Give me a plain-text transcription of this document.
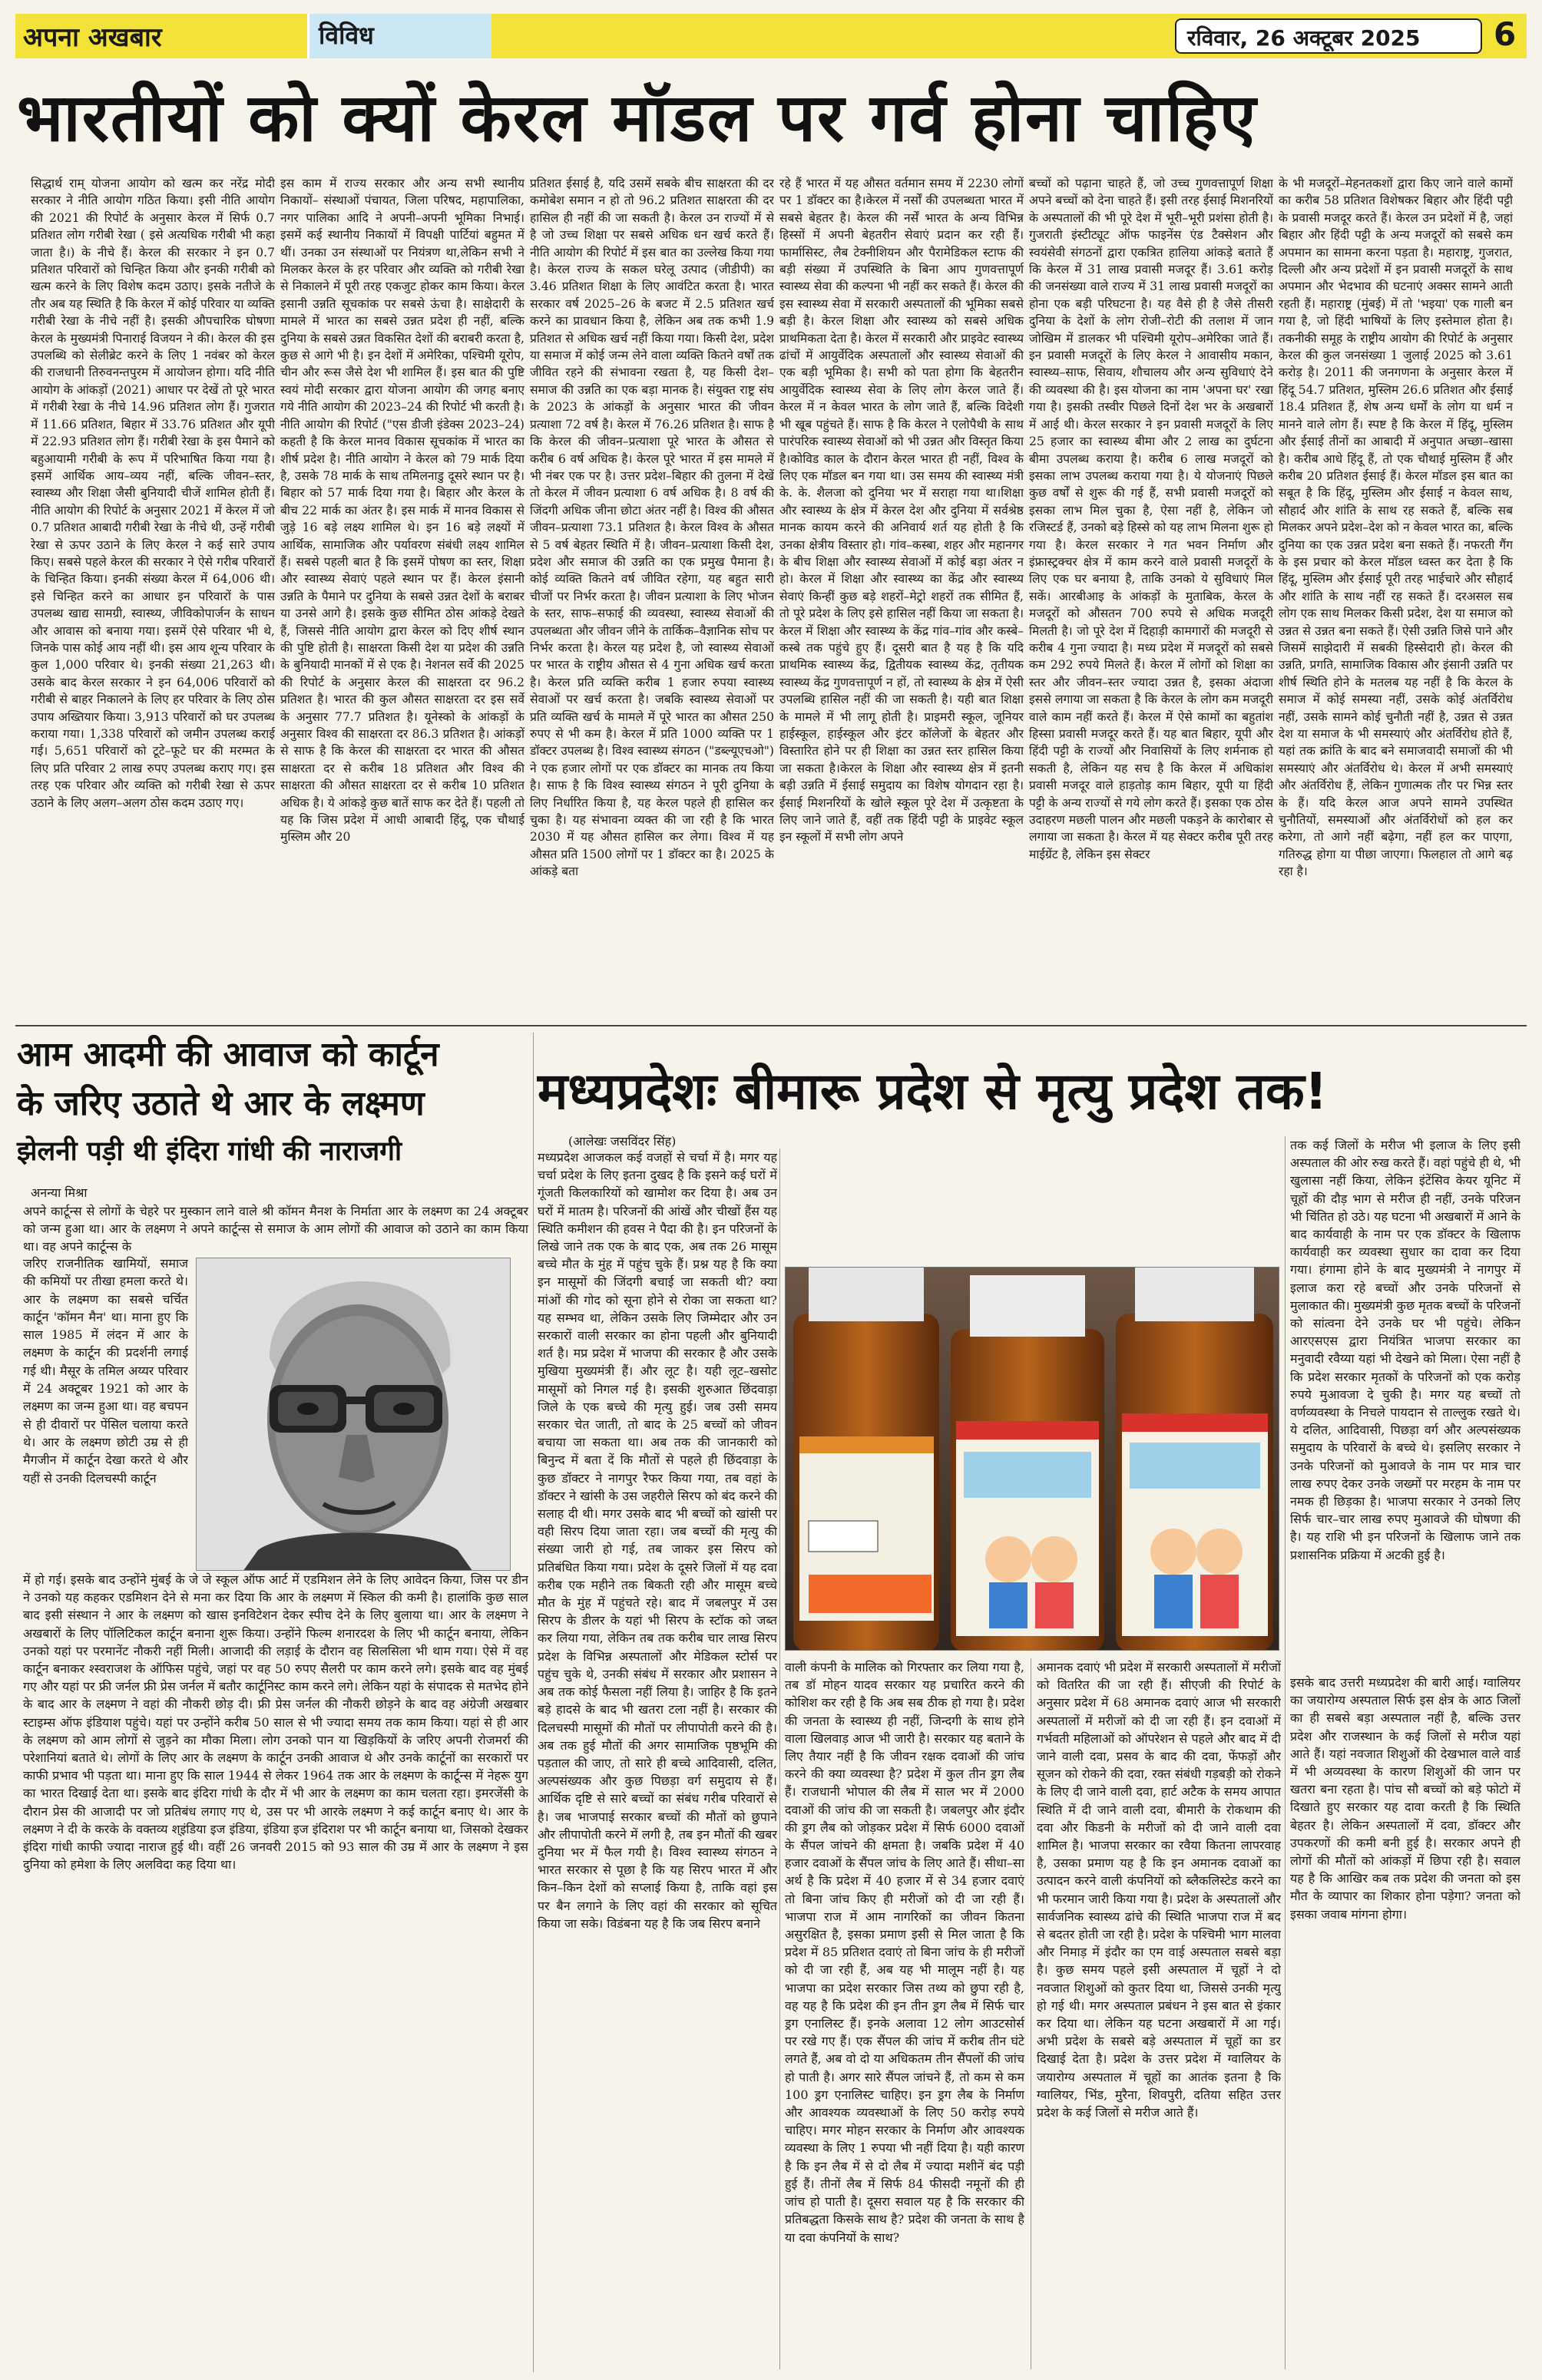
अपना अखबार	विविध	रविवार, 26 अक्टूबर 2025 6
भारतीयों को क्यों केरल मॉडल पर गर्व होना चाहिए
सिद्धार्थ राम् योजना आयोग को खत्म कर नरेंद्र मोदी सरकार ने नीति आयोग गठित किया। इसी नीति आयोग की 2021 की रिपोर्ट के अनुसार केरल में सिर्फ 0.7 प्रतिशत लोग गरीबी रेखा ( इसे अत्यधिक गरीबी भी कहा जाता है।) के नीचे हैं। केरल की सरकार ने इन 0.7 प्रतिशत परिवारों को चिन्हित किया और इनकी गरीबी को खत्म करने के लिए विशेष कदम उठाए। इसके नतीजे के तौर अब यह स्थिति है कि केरल में कोई परिवार या व्यक्ति गरीबी रेखा के नीचे नहीं है। इसकी औपचारिक घोषणा केरल के मुख्यमंत्री पिनाराई विजयन ने की। केरल की इस उपलब्धि को सेलीब्रेट करने के लिए 1 नवंबर को केरल की राजधानी तिरुवनन्तपुरम में आयोजन होगा। यदि नीति आयोग के आंकड़ों (2021) आधार पर देखें तो पूरे भारत में गरीबी रेखा के नीचे 14.96 प्रतिशत लोग हैं। गुजरात में 11.66 प्रतिशत, बिहार में 33.76 प्रतिशत और यूपी में 22.93 प्रतिशत लोग हैं। गरीबी रेखा के इस पैमाने को बहुआयामी गरीबी के रूप में परिभाषित किया गया है। इसमें आर्थिक आय–व्यय नहीं, बल्कि जीवन–स्तर, स्वास्थ्य और शिक्षा जैसी बुनियादी चीजें शामिल होती हैं। नीति आयोग की रिपोर्ट के अनुसार 2021 में केरल में जो 0.7 प्रतिशत आबादी गरीबी रेखा के नीचे थी, उन्हें गरीबी रेखा से ऊपर उठाने के लिए केरल ने कई सारे उपाय किए। सबसे पहले केरल की सरकार ने ऐसे गरीब परिवारों के चिन्हित किया। इनकी संख्या केरल में 64,006 थी। इसे चिन्हित करने का आधार इन परिवारों के पास उपलब्ध खाद्य सामग्री, स्वास्थ्य, जीविकोपार्जन के साधन और आवास को बनाया गया। इसमें ऐसे परिवार भी थे, जिनके पास कोई आय नहीं थी। इस आय शून्य परिवार के कुल 1,000 परिवार थे। इनकी संख्या 21,263 थी। उसके बाद केरल सरकार ने इन 64,006 परिवारों को गरीबी से बाहर निकालने के लिए हर परिवार के लिए ठोस उपाय अख्तियार किया। 3,913 परिवारों को घर उपलब्ध कराया गया। 1,338 परिवारों को जमीन उपलब्ध कराई गई। 5,651 परिवारों को टूटे–फूटे घर की मरम्मत के लिए प्रति परिवार 2 लाख रुपए उपलब्ध कराए गए। इस तरह एक परिवार और व्यक्ति को गरीबी रेखा से ऊपर उठाने के लिए अलग–अलग ठोस कदम उठाए गए।
इस काम में राज्य सरकार और अन्य सभी स्थानीय निकायों– संस्थाओं पंचायत, जिला परिषद, महापालिका, नगर पालिका आदि ने अपनी–अपनी भूमिका निभाई। इसमें कई स्थानीय निकायों में विपक्षी पार्टियां बहुमत में थीं। उनका उन संस्थाओं पर नियंत्रण था,लेकिन सभी ने मिलकर केरल के हर परिवार और व्यक्ति को गरीबी रेखा से निकालने में पूरी तरह एकजुट होकर काम किया। केरल इसानी उन्नति सूचकांक पर सबसे ऊंचा है। साक्षेदारी के मामले में भारत का सबसे उन्नत प्रदेश ही नहीं, बल्कि दुनिया के सबसे उन्नत विकसित देशों की बराबरी करता है, कुछ से आगे भी है। इन देशों में अमेरिका, पश्चिमी यूरोप, चीन और रूस जैसे देश भी शामिल हैं। इस बात की पुष्टि स्वयं मोदी सरकार द्वारा योजना आयोग की जगह बनाए गये नीति आयोग की 2023–24 की रिपोर्ट भी करती है। नीति आयोग की रिपोर्ट ("एस डीजी इंडेक्स 2023–24) कहती है कि केरल मानव विकास सूचकांक में भारत का शीर्ष प्रदेश है। नीति आयोग ने केरल को 79 मार्क दिया है, उसके 78 मार्क के साथ तमिलनाडु दूसरे स्थान पर है। बिहार को 57 मार्क दिया गया है। बिहार और केरल के बीच 22 मार्क का अंतर है। इस मार्क में मानव विकास से जुड़े 16 बड़े लक्ष्य शामिल थे। इन 16 बड़े लक्ष्यों में आर्थिक, सामाजिक और पर्यावरण संबंधी लक्ष्य शामिल हैं। सबसे पहली बात है कि इसमें पोषण का स्तर, शिक्षा और स्वास्थ्य सेवाएं पहले स्थान पर हैं। केरल इंसानी उन्नति के पैमाने पर दुनिया के सबसे उन्नत देशों के बराबर या उनसे आगे है। इसके कुछ सीमित ठोस आंकड़े देखते हैं, जिससे नीति आयोग द्वारा केरल को दिए शीर्ष स्थान की पुष्टि होती है। साक्षरता किसी देश या प्रदेश की उन्नति के बुनियादी मानकों में से एक है। नेशनल सर्वे की 2025 की रिपोर्ट के अनुसार केरल की साक्षरता दर 96.2 प्रतिशत है। भारत की कुल औसत साक्षरता दर इस सर्वे के अनुसार 77.7 प्रतिशत है। यूनेस्को के आंकड़ों के अनुसार विश्व की साक्षरता दर 86.3 प्रतिशत है। आंकड़ों से साफ है कि केरल की साक्षरता दर भारत की औसत साक्षरता दर से करीब 18 प्रतिशत और विश्व की साक्षरता की औसत साक्षरता दर से करीब 10 प्रतिशत अधिक है। ये आंकड़े कुछ बातें साफ कर देते हैं। पहली तो यह कि जिस प्रदेश में आधी आबादी हिंदू, एक चौथाई मुस्लिम और 20
प्रतिशत ईसाई है, यदि उसमें सबके बीच साक्षरता की दर कमोबेश समान न हो तो 96.2 प्रतिशत साक्षरता की दर हासिल ही नहीं की जा सकती है। केरल उन राज्यों में से है जो उच्च शिक्षा पर सबसे अधिक धन खर्च करते हैं। नीति आयोग की रिपोर्ट में इस बात का उल्लेख किया गया है। केरल राज्य के सकल घरेलू उत्पाद (जीडीपी) का 3.46 प्रतिशत शिक्षा के लिए आवंटित करता है। भारत सरकार वर्ष 2025–26 के बजट में 2.5 प्रतिशत खर्च करने का प्रावधान किया है, लेकिन अब तक कभी 1.9 प्रतिशत से अधिक खर्च नहीं किया गया। किसी देश, प्रदेश या समाज में कोई जन्म लेने वाला व्यक्ति कितने वर्षों तक जीवित रहने की संभावना रखता है, यह किसी देश–समाज की उन्नति का एक बड़ा मानक है। संयुक्त राष्ट्र संघ के 2023 के आंकड़ों के अनुसार भारत की जीवन प्रत्याशा 72 वर्ष है। केरल में 76.26 प्रतिशत है। साफ है कि केरल की जीवन–प्रत्याशा पूरे भारत के औसत से करीब 6 वर्ष अधिक है। केरल पूरे भारत में इस मामले में भी नंबर एक पर है। उत्तर प्रदेश–बिहार की तुलना में देखें तो केरल में जीवन प्रत्याशा 6 वर्ष अधिक है। 8 वर्ष की जिंदगी अधिक जीना छोटा अंतर नहीं है। विश्व की औसत जीवन–प्रत्याशा 73.1 प्रतिशत है। केरल विश्व के औसत से 5 वर्ष बेहतर स्थिति में है। जीवन–प्रत्याशा किसी देश, प्रदेश और समाज की उन्नति का एक प्रमुख पैमाना है। कोई व्यक्ति कितने वर्ष जीवित रहेगा, यह बहुत सारी चीजों पर निर्भर करता है। जीवन प्रत्याशा के लिए भोजन के स्तर, साफ–सफाई की व्यवस्था, स्वास्थ्य सेवाओं की उपलब्धता और जीवन जीने के तार्किक–वैज्ञानिक सोच पर निर्भर करता है। केरल यह प्रदेश है, जो स्वास्थ्य सेवाओं पर भारत के राष्ट्रीय औसत से 4 गुना अधिक खर्च करता है। केरल प्रति व्यक्ति करीब 1 हजार रुपया स्वास्थ्य सेवाओं पर खर्च करता है। जबकि स्वास्थ्य सेवाओं पर प्रति व्यक्ति खर्च के मामले में पूरे भारत का औसत 250 रुपए से भी कम है। केरल में प्रति 1000 व्यक्ति पर 1 डॉक्टर उपलब्ध है। विश्व स्वास्थ्य संगठन ("डब्ल्यूएचओ") ने एक हजार लोगों पर एक डॉक्टर का मानक तय किया है। साफ है कि विश्व स्वास्थ्य संगठन ने पूरी दुनिया के लिए निर्धारित किया है, यह केरल पहले ही हासिल कर चुका है। यह संभावना व्यक्त की जा रही है कि भारत 2030 में यह औसत हासिल कर लेगा। विश्व में यह औसत प्रति 1500 लोगों पर 1 डॉक्टर का है। 2025 के आंकड़े बता
रहे हैं भारत में यह औसत वर्तमान समय में 2230 लोगों पर 1 डॉक्टर का है।केरल में नर्सों की उपलब्धता भारत में सबसे बेहतर है। केरल की नर्सें भारत के अन्य विभिन्न हिस्सों में अपनी बेहतरीन सेवाएं प्रदान कर रही हैं। फार्मासिस्ट, लैब टेक्नीशियन और पैरामेडिकल स्टाफ की बड़ी संख्या में उपस्थिति के बिना आप गुणवत्तापूर्ण स्वास्थ्य सेवा की कल्पना भी नहीं कर सकते हैं। केरल की इस स्वास्थ्य सेवा में सरकारी अस्पतालों की भूमिका सबसे बड़ी है। केरल शिक्षा और स्वास्थ्य को सबसे अधिक प्राथमिकता देता है। केरल में सरकारी और प्राइवेट स्वास्थ्य ढांचों में आयुर्वेदिक अस्पतालों और स्वास्थ्य सेवाओं की एक बड़ी भूमिका है। सभी को पता होगा कि बेहतरीन आयुर्वेदिक स्वास्थ्य सेवा के लिए लोग केरल जाते हैं। केरल में न केवल भारत के लोग जाते हैं, बल्कि विदेशी भी खूब पहुंचते हैं। साफ है कि केरल ने एलोपैथी के साथ पारंपरिक स्वास्थ्य सेवाओं को भी उन्नत और विस्तृत किया है।कोविड काल के दौरान केरल भारत ही नहीं, विश्व के लिए एक मॉडल बन गया था। उस समय की स्वास्थ्य मंत्री के. के. शैलजा को दुनिया भर में सराहा गया था।शिक्षा और स्वास्थ्य के क्षेत्र में केरल देश और दुनिया में सर्वश्रेष्ठ मानक कायम करने की अनिवार्य शर्त यह होती है कि उनका क्षेत्रीय विस्तार हो। गांव–कस्बा, शहर और महानगर के बीच शिक्षा और स्वास्थ्य सेवाओं में कोई बड़ा अंतर न हो। केरल में शिक्षा और स्वास्थ्य का केंद्र और स्वास्थ्य सेवाएं किन्हीं कुछ बड़े शहरों–मेट्रो शहरों तक सीमित हैं, तो पूरे प्रदेश के लिए इसे हासिल नहीं किया जा सकता है। केरल में शिक्षा और स्वास्थ्य के केंद्र गांव–गांव और कस्बे–कस्बे तक पहुंचे हुए हैं। दूसरी बात है यह है कि यदि प्राथमिक स्वास्थ्य केंद्र, द्वितीयक स्वास्थ्य केंद्र, तृतीयक स्वास्थ्य केंद्र गुणवत्तापूर्ण न हों, तो स्वास्थ्य के क्षेत्र में ऐसी उपलब्धि हासिल नहीं की जा सकती है। यही बात शिक्षा के मामले में भी लागू होती है। प्राइमरी स्कूल, जूनियर हाईस्कूल, हाईस्कूल और इंटर कॉलेजों के बेहतर और विस्तारित होने पर ही शिक्षा का उन्नत स्तर हासिल किया जा सकता है।केरल के शिक्षा और स्वास्थ्य क्षेत्र में इतनी बड़ी उन्नति में ईसाई समुदाय का विशेष योगदान रहा है। ईसाई मिशनरियों के खोले स्कूल पूरे देश में उत्कृष्टता के लिए जाने जाते हैं, वहीं तक हिंदी पट्टी के प्राइवेट स्कूल इन स्कूलों में सभी लोग अपने
बच्चों को पढ़ाना चाहते हैं, जो उच्च गुणवत्तापूर्ण शिक्षा अपने बच्चों को देना चाहते हैं। इसी तरह ईसाई मिशनरियों के अस्पतालों की भी पूरे देश में भूरी–भूरी प्रशंसा होती है।गुजराती इंस्टीट्यूट ऑफ फाइनेंस एंड टैक्सेशन और स्वयंसेवी संगठनों द्वारा एकत्रित हालिया आंकड़े बताते हैं कि केरल में 31 लाख प्रवासी मजदूर हैं। 3.61 करोड़ की जनसंख्या वाले राज्य में 31 लाख प्रवासी मजदूरों का होना एक बड़ी परिघटना है। यह वैसे ही है जैसे तीसरी दुनिया के देशों के लोग रोजी–रोटी की तलाश में जान जोखिम में डालकर भी पश्चिमी यूरोप–अमेरिका जाते हैं।इन प्रवासी मजदूरों के लिए केरल ने आवासीय मकान, स्वास्थ्य–साफ, सिवाय, शौचालय और अन्य सुविधाएं देने की व्यवस्था की है। इस योजना का नाम 'अपना घर' रखा गया है। इसकी तस्वीर पिछले दिनों देश भर के अखबारों में आई थी। केरल सरकार ने इन प्रवासी मजदूरों के लिए 25 हजार का स्वास्थ्य बीमा और 2 लाख का दुर्घटना बीमा उपलब्ध कराया है। करीब 6 लाख मजदूरों को इसका लाभ उपलब्ध कराया गया है। ये योजनाएं पिछले कुछ वर्षों से शुरू की गई हैं, सभी प्रवासी मजदूरों को इसका लाभ मिल चुका है, ऐसा नहीं है, लेकिन जो रजिस्टर्ड हैं, उनको बड़े हिस्से को यह लाभ मिलना शुरू हो गया है। केरल सरकार ने गत भवन निर्माण और इंफ्रास्ट्रक्चर क्षेत्र में काम करने वाले प्रवासी मजदूरों के लिए एक घर बनाया है, ताकि उनको ये सुविधाएं मिल सकें। आरबीआइ के आंकड़ों के मुताबिक, केरल के मजदूरों को औसतन 700 रुपये से अधिक मजदूरी मिलती है। जो पूरे देश में दिहाड़ी कामगारों की मजदूरी से करीब 4 गुना ज्यादा है। मध्य प्रदेश में मजदूरों को सबसे कम 292 रुपये मिलते हैं। केरल में लोगों को शिक्षा का स्तर और जीवन–स्तर ज्यादा उन्नत है, इसका अंदाजा इससे लगाया जा सकता है कि केरल के लोग कम मजदूरी वाले काम नहीं करते हैं। केरल में ऐसे कामों का बहुतांश हिस्सा प्रवासी मजदूर करते हैं। यह बात बिहार, यूपी और हिंदी पट्टी के राज्यों और निवासियों के लिए शर्मनाक हो सकती है, लेकिन यह सच है कि केरल में अधिकांश प्रवासी मजदूर वाले हाड़तोड़ काम बिहार, यूपी या हिंदी पट्टी के अन्य राज्यों से गये लोग करते हैं। इसका एक ठोस उदाहरण मछली पालन और मछली पकड़ने के कारोबार से लगाया जा सकता है। केरल में यह सेक्टर करीब पूरी तरह माईग्रेंट है, लेकिन इस सेक्टर
के भी मजदूरों–मेहनतकशों द्वारा किए जाने वाले कामों का करीब 58 प्रतिशत विशेषकर बिहार और हिंदी पट्टी के प्रवासी मजदूर करते हैं। केरल उन प्रदेशों में है, जहां बिहार और हिंदी पट्टी के अन्य मजदूरों को सबसे कम अपमान का सामना करना पड़ता है। महाराष्ट्र, गुजरात, दिल्ली और अन्य प्रदेशों में इन प्रवासी मजदूरों के साथ अपमान और भेदभाव की घटनाएं अक्सर सामने आती रहती हैं। महाराष्ट्र (मुंबई) में तो 'भइया' एक गाली बन गया है, जो हिंदी भाषियों के लिए इस्तेमाल होता है। तकनीकी समूह के राष्ट्रीय आयोग की रिपोर्ट के अनुसार केरल की कुल जनसंख्या 1 जुलाई 2025 को 3.61 करोड़ है। 2011 की जनगणना के अनुसार केरल में हिंदू 54.7 प्रतिशत, मुस्लिम 26.6 प्रतिशत और ईसाई 18.4 प्रतिशत हैं, शेष अन्य धर्मों के लोग या धर्म न मानने वाले लोग हैं। स्पष्ट है कि केरल में हिंदू, मुस्लिम और ईसाई तीनों का आबादी में अनुपात अच्छा–खासा है। करीब आधे हिंदू हैं, तो एक चौथाई मुस्लिम हैं और करीब 20 प्रतिशत ईसाई हैं। केरल मॉडल इस बात का सबूत है कि हिंदू, मुस्लिम और ईसाई न केवल साथ, सौहार्द और शांति के साथ रह सकते हैं, बल्कि सब मिलकर अपने प्रदेश–देश को न केवल भारत का, बल्कि दुनिया का एक उन्नत प्रदेश बना सकते हैं। नफरती गैंग के इस प्रचार को केरल मॉडल ध्वस्त कर देता है कि हिंदू, मुस्लिम और ईसाई पूरी तरह भाईचारे और सौहार्द और शांति के साथ नहीं रह सकते हैं। दरअसल सब लोग एक साथ मिलकर किसी प्रदेश, देश या समाज को उन्नत से उन्नत बना सकते हैं। ऐसी उन्नति जिसे पाने और जिसमें साझेदारी में सबकी हिस्सेदारी हो। केरल की उन्नति, प्रगति, सामाजिक विकास और इंसानी उन्नति पर शीर्ष स्थिति होने के मतलब यह नहीं है कि केरल के समाज में कोई समस्या नहीं, उसके कोई अंतर्विरोध नहीं, उसके सामने कोई चुनौती नहीं है, उन्नत से उन्नत देश या समाज के भी समस्याएं और अंतर्विरोध होते हैं, यहां तक क्रांति के बाद बने समाजवादी समाजों की भी समस्याएं और अंतर्विरोध थे। केरल में अभी समस्याएं और अंतर्विरोध हैं, लेकिन गुणात्मक तौर पर भिन्न स्तर के हैं। यदि केरल आज अपने सामने उपस्थित चुनौतियों, समस्याओं और अंतर्विरोधों को हल कर करेगा, तो आगे नहीं बढ़ेगा, नहीं हल कर पाएगा, गतिरुद्ध होगा या पीछा जाएगा। फिलहाल तो आगे बढ़ रहा है।
आम आदमी की आवाज को कार्टून
के जरिए उठाते थे आर के लक्ष्मण
झेलनी पड़ी थी इंदिरा गांधी की नाराजगी
अनन्या मिश्रा
अपने कार्टून्स से लोगों के चेहरे पर मुस्कान लाने वाले श्री कॉमन मैनश के निर्माता आर के लक्ष्मण का 24 अक्टूबर को जन्म हुआ था। आर के लक्ष्मण ने अपने कार्टून्स से समाज के आम लोगों की आवाज को उठाने का काम किया था। वह अपने कार्टून्स के
जरिए राजनीतिक खामियों, समाज की कमियों पर तीखा हमला करते थे। आर के लक्ष्मण का सबसे चर्चित कार्टून 'कॉमन मैन' था। माना हुए कि साल 1985 में लंदन में आर के लक्ष्मण के कार्टून की प्रदर्शनी लगाई गई थी। मैसूर के तमिल अय्यर परिवार में 24 अक्टूबर 1921 को आर के लक्ष्मण का जन्म हुआ था। वह बचपन से ही दीवारों पर पेंसिल चलाया करते थे। आर के लक्ष्मण छोटी उम्र से ही मैगजीन में कार्टून देखा करते थे और यहीं से उनकी दिलचस्पी कार्टून
में हो गई। इसके बाद उन्होंने मुंबई के जे जे स्कूल ऑफ आर्ट में एडमिशन लेने के लिए आवेदन किया, जिस पर डीन ने उनको यह कहकर एडमिशन देने से मना कर दिया कि आर के लक्ष्मण में स्किल की कमी है। हालांकि कुछ साल बाद इसी संस्थान ने आर के लक्ष्मण को खास इनविटेशन देकर स्पीच देने के लिए बुलाया था। आर के लक्ष्मण ने अखबारों के लिए पॉलिटिकल कार्टून बनाना शुरू किया। उन्होंने फिल्म शनारदश के लिए भी कार्टून बनाया, लेकिन उनको यहां पर परमानेंट नौकरी नहीं मिली। आजादी की लड़ाई के दौरान वह सिलसिला भी थाम गया। ऐसे में वह कार्टून बनाकर श्स्वराजश के ऑफिस पहुंचे, जहां पर वह 50 रुपए सैलरी पर काम करने लगे। इसके बाद वह मुंबई गए और यहां पर फ्री जर्नल फ्री प्रेस जर्नल में बतौर कार्टूनिस्ट काम करने लगे। लेकिन यहां के संपादक से मतभेद होने के बाद आर के लक्ष्मण ने वहां की नौकरी छोड़ दी। फ्री प्रेस जर्नल की नौकरी छोड़ने के बाद वह अंग्रेजी अखबार स्टाइम्स ऑफ इंडियाश पहुंचे। यहां पर उन्होंने करीब 50 साल से भी ज्यादा समय तक काम किया। यहां से ही आर के लक्ष्मण को आम लोगों से जुड़ने का मौका मिला। लोग उनको पान या खिड़कियों के जरिए अपनी रोजमर्रा की परेशानियां बताते थे। लोगों के लिए आर के लक्ष्मण के कार्टून उनकी आवाज थे और उनके कार्टूनों का सरकारों पर काफी प्रभाव भी पड़ता था। माना हुए कि साल 1944 से लेकर 1964 तक आर के लक्ष्मण के कार्टून्स में नेहरू युग का भारत दिखाई देता था। इसके बाद इंदिरा गांधी के दौर में भी आर के लक्ष्मण का काम चलता रहा। इमरजेंसी के दौरान प्रेस की आजादी पर जो प्रतिबंध लगाए गए थे, उस पर भी आरके लक्ष्मण ने कई कार्टून बनाए थे। आर के लक्ष्मण ने दी के करके के वक्तव्य श्इंडिया इज इंडिया, इंडिया इज इंदिराश पर भी कार्टून बनाया था, जिसको देखकर इंदिरा गांधी काफी ज्यादा नाराज हुई थी। वहीं 26 जनवरी 2015 को 93 साल की उम्र में आर के लक्ष्मण ने इस दुनिया को हमेशा के लिए अलविदा कह दिया था।
मध्यप्रदेशः बीमारू प्रदेश से मृत्यु प्रदेश तक!
(आलेखः जसविंदर सिंह)
मध्यप्रदेश आजकल कई वजहों से चर्चा में है। मगर यह चर्चा प्रदेश के लिए इतना दुखद है कि इसने कई घरों में गूंजती किलकारियों को खामोश कर दिया है। अब उन घरों में मातम है। परिजनों की आंखें और चीखों हैंस यह स्थिति कमीशन की हवस ने पैदा की है। इन परिजनों के लिखे जाने तक एक के बाद एक, अब तक 26 मासूम बच्चे मौत के मुंह में पहुंच चुके हैं। प्रश्न यह है कि क्या इन मासूमों की जिंदगी बचाई जा सकती थी? क्या मांओं की गोद को सूना होने से रोका जा सकता था? यह सम्भव था, लेकिन उसके लिए जिम्मेदार और उन सरकारों वाली सरकार का होना पहली और बुनियादी शर्त है। मप्र प्रदेश में भाजपा की सरकार है और उसके मुखिया मुख्यमंत्री हैं। और लूट है। यही लूट–खसोट मासूमों को निगल गई है। इसकी शुरुआत छिंदवाड़ा जिले के एक बच्चे की मृत्यु हुई। जब उसी समय सरकार चेत जाती, तो बाद के 25 बच्चों को जीवन बचाया जा सकता था। अब तक की जानकारी को बिनुन्द में बता दें कि मौतों से पहले ही छिंदवाड़ा के कुछ डॉक्टर ने नागपुर रैफर किया गया, तब वहां के डॉक्टर ने खांसी के उस जहरीले सिरप को बंद करने की सलाह दी थी। मगर उसके बाद भी बच्चों को खांसी पर वही सिरप दिया जाता रहा। जब बच्चों की मृत्यु की संख्या जारी हो गई, तब जाकर इस सिरप को प्रतिबंधित किया गया। प्रदेश के दूसरे जिलों में यह दवा करीब एक महीने तक बिकती रही और मासूम बच्चे मौत के मुंह में पहुंचते रहे। बाद में जबलपुर में उस सिरप के डीलर के यहां भी सिरप के स्टॉक को जब्त कर लिया गया, लेकिन तब तक करीब चार लाख सिरप प्रदेश के विभिन्न अस्पतालों और मेडिकल स्टोर्स पर पहुंच चुके थे, उनकी संबंध में सरकार और प्रशासन ने अब तक कोई फैसला नहीं लिया है। जाहिर है कि इतने बड़े हादसे के बाद भी खतरा टला नहीं है। सरकार की दिलचस्पी मासूमों की मौतों पर लीपापोती करने की है। अब तक हुई मौतों की अगर सामाजिक पृष्ठभूमि की पड़ताल की जाए, तो सारे ही बच्चे आदिवासी, दलित, अल्पसंख्यक और कुछ पिछड़ा वर्ग समुदाय से हैं। आर्थिक दृष्टि से सारे बच्चों का संबंध गरीब परिवारों से है। जब भाजपाई सरकार बच्चों की मौतों को छुपाने और लीपापोती करने में लगी है, तब इन मौतों की खबर दुनिया भर में फैल गयी है। विश्व स्वास्थ्य संगठन ने भारत सरकार से पूछा है कि यह सिरप भारत में और किन–किन देशों को सप्लाई किया है, ताकि वहां इस पर बैन लगाने के लिए वहां की सरकार को सूचित किया जा सके। विडंबना यह है कि जब सिरप बनाने
तक कई जिलों के मरीज भी इलाज के लिए इसी अस्पताल की ओर रुख करते हैं। वहां पहुंचे ही थे, भी खुलासा नहीं किया, लेकिन इंटेंसिव केयर यूनिट में चूहों की दौड़ भाग से मरीज ही नहीं, उनके परिजन भी चिंतित हो उठे। यह घटना भी अखबारों में आने के बाद कार्यवाही के नाम पर एक डॉक्टर के खिलाफ कार्यवाही कर व्यवस्था सुधार का दावा कर दिया गया। हंगामा होने के बाद मुख्यमंत्री ने नागपुर में इलाज करा रहे बच्चों और उनके परिजनों से मुलाकात की। मुख्यमंत्री कुछ मृतक बच्चों के परिजनों को सांत्वना देने उनके घर भी पहुंचे। लेकिन आरएसएस द्वारा नियंत्रित भाजपा सरकार का मनुवादी रवैय्या यहां भी देखने को मिला। ऐसा नहीं है कि प्रदेश सरकार मृतकों के परिजनों को एक करोड़ रुपये मुआवजा दे चुकी है। मगर यह बच्चों तो वर्णव्यवस्था के निचले पायदान से ताल्लुक रखते थे। ये दलित, आदिवासी, पिछड़ा वर्ग और अल्पसंख्यक समुदाय के परिवारों के बच्चे थे। इसलिए सरकार ने उनके परिजनों को मुआवजे के नाम पर मात्र चार लाख रुपए देकर उनके जख्मों पर मरहम के नाम पर नमक ही छिड़का है। भाजपा सरकार ने उनको लिए सिर्फ चार–चार लाख रुपए मुआवजे की घोषणा की है। यह राशि भी इन परिजनों के खिलाफ जाने तक प्रशासनिक प्रक्रिया में अटकी हुई है।
वाली कंपनी के मालिक को गिरफ्तार कर लिया गया है, तब डॉ मोहन यादव सरकार यह प्रचारित करने की कोशिश कर रही है कि अब सब ठीक हो गया है। प्रदेश की जनता के स्वास्थ्य ही नहीं, जिन्दगी के साथ होने वाला खिलवाड़ आज भी जारी है। सरकार यह बताने के लिए तैयार नहीं है कि जीवन रक्षक दवाओं की जांच करने की क्या व्यवस्था है? प्रदेश में कुल तीन ड्रग लैब हैं। राजधानी भोपाल की लैब में साल भर में 2000 दवाओं की जांच की जा सकती है। जबलपुर और इंदौर की ड्रग लैब को जोड़कर प्रदेश में सिर्फ 6000 दवाओं के सैंपल जांचने की क्षमता है। जबकि प्रदेश में 40 हजार दवाओं के सैंपल जांच के लिए आते हैं। सीधा–सा अर्थ है कि प्रदेश में 40 हजार में से 34 हजार दवाएं तो बिना जांच किए ही मरीजों को दी जा रही हैं। भाजपा राज में आम नागरिकों का जीवन कितना असुरक्षित है, इसका प्रमाण इसी से मिल जाता है कि प्रदेश में 85 प्रतिशत दवाएं तो बिना जांच के ही मरीजों को दी जा रही हैं, अब यह भी मालूम नहीं है। यह भाजपा का प्रदेश सरकार जिस तथ्य को छुपा रही है, वह यह है कि प्रदेश की इन तीन ड्रग लैब में सिर्फ चार ड्रग एनालिस्ट हैं। इनके अलावा 12 लोग आउटसोर्स पर रखे गए हैं। एक सैंपल की जांच में करीब तीन घंटे लगते हैं, अब वो दो या अधिकतम तीन सैंपलों की जांच हो पाती है। अगर सारे सैंपल जांचने हैं, तो कम से कम 100 ड्रग एनालिस्ट चाहिए। इन ड्रग लैब के निर्माण और आवश्यक व्यवस्थाओं के लिए 50 करोड़ रुपये चाहिए। मगर मोहन सरकार के निर्माण और आवश्यक व्यवस्था के लिए 1 रुपया भी नहीं दिया है। यही कारण है कि इन लैब में से दो लैब में ज्यादा मशीनें बंद पड़ी हुई हैं। तीनों लैब में सिर्फ 84 फीसदी नमूनों की ही जांच हो पाती है। दूसरा सवाल यह है कि सरकार की प्रतिबद्धता किसके साथ है? प्रदेश की जनता के साथ है या दवा कंपनियों के साथ?
अमानक दवाएं भी प्रदेश में सरकारी अस्पतालों में मरीजों को वितरित की जा रही हैं। सीएजी की रिपोर्ट के अनुसार प्रदेश में 68 अमानक दवाएं आज भी सरकारी अस्पतालों में मरीजों को दी जा रही हैं। इन दवाओं में गर्भवती महिलाओं को ऑपरेशन से पहले और बाद में दी जाने वाली दवा, प्रसव के बाद की दवा, फेंफड़ों और सूजन को रोकने की दवा, रक्त संबंधी गड़बड़ी को रोकने के लिए दी जाने वाली दवा, हार्ट अटैक के समय आपात स्थिति में दी जाने वाली दवा, बीमारी के रोकथाम की दवा और किडनी के मरीजों को दी जाने वाली दवा शामिल है। भाजपा सरकार का रवैया कितना लापरवाह है, उसका प्रमाण यह है कि इन अमानक दवाओं का उत्पादन करने वाली कंपनियों को ब्लैकलिस्टेड करने का भी फरमान जारी किया गया है। प्रदेश के अस्पतालों और सार्वजनिक स्वास्थ्य ढांचे की स्थिति भाजपा राज में बद से बदतर होती जा रही है। प्रदेश के पश्चिमी भाग मालवा और निमाड़ में इंदौर का एम वाई अस्पताल सबसे बड़ा है। कुछ समय पहले इसी अस्पताल में चूहों ने दो नवजात शिशुओं को कुतर दिया था, जिससे उनकी मृत्यु हो गई थी। मगर अस्पताल प्रबंधन ने इस बात से इंकार कर दिया था। लेकिन यह घटना अखबारों में आ गई। अभी प्रदेश के सबसे बड़े अस्पताल में चूहों का डर दिखाई देता है। प्रदेश के उत्तर प्रदेश में ग्वालियर के जयारोग्य अस्पताल में चूहों का आतंक इतना है कि ग्वालियर, भिंड, मुरैना, शिवपुरी, दतिया सहित उत्तर प्रदेश के कई जिलों से मरीज आते हैं।
इसके बाद उत्तरी मध्यप्रदेश की बारी आई। ग्वालियर का जयारोग्य अस्पताल सिर्फ इस क्षेत्र के आठ जिलों का ही सबसे बड़ा अस्पताल नहीं है, बल्कि उत्तर प्रदेश और राजस्थान के कई जिलों से मरीज यहां आते हैं। यहां नवजात शिशुओं की देखभाल वाले वार्ड में भी अव्यवस्था के कारण शिशुओं की जान पर खतरा बना रहता है। पांच सौ बच्चों को बड़े फोटो में दिखाते हुए सरकार यह दावा करती है कि स्थिति बेहतर है। लेकिन अस्पतालों में दवा, डॉक्टर और उपकरणों की कमी बनी हुई है। सरकार अपने ही लोगों की मौतों को आंकड़ों में छिपा रही है। सवाल यह है कि आखिर कब तक प्रदेश की जनता को इस मौत के व्यापार का शिकार होना पड़ेगा? जनता को इसका जवाब मांगना होगा।
